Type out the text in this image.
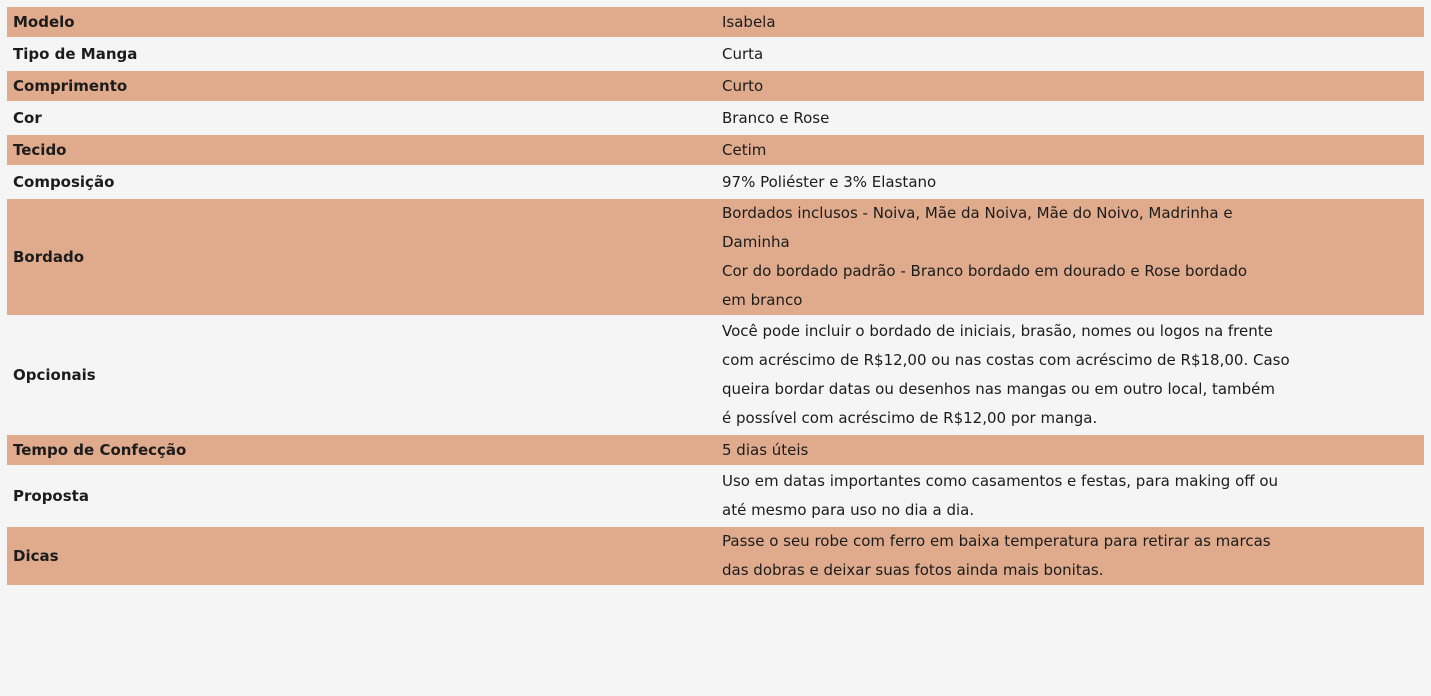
Modelo	Isabela

Tipo de Manga	Curta

Comprimento	Curto

Cor	Branco e Rose

Tecido	Cetim

Composição	97% Poliéster e 3% Elastano

Bordado	Bordados inclusos - Noiva, Mãe da Noiva, Mãe do Noivo, Madrinha e
Daminha
Cor do bordado padrão - Branco bordado em dourado e Rose bordado
em branco

Opcionais	Você pode incluir o bordado de iniciais, brasão, nomes ou logos na frente
com acréscimo de R$12,00 ou nas costas com acréscimo de R$18,00. Caso
queira bordar datas ou desenhos nas mangas ou em outro local, também
é possível com acréscimo de R$12,00 por manga.

Tempo de Confecção	5 dias úteis

Proposta	Uso em datas importantes como casamentos e festas, para making off ou
até mesmo para uso no dia a dia.

Dicas	Passe o seu robe com ferro em baixa temperatura para retirar as marcas
das dobras e deixar suas fotos ainda mais bonitas.
